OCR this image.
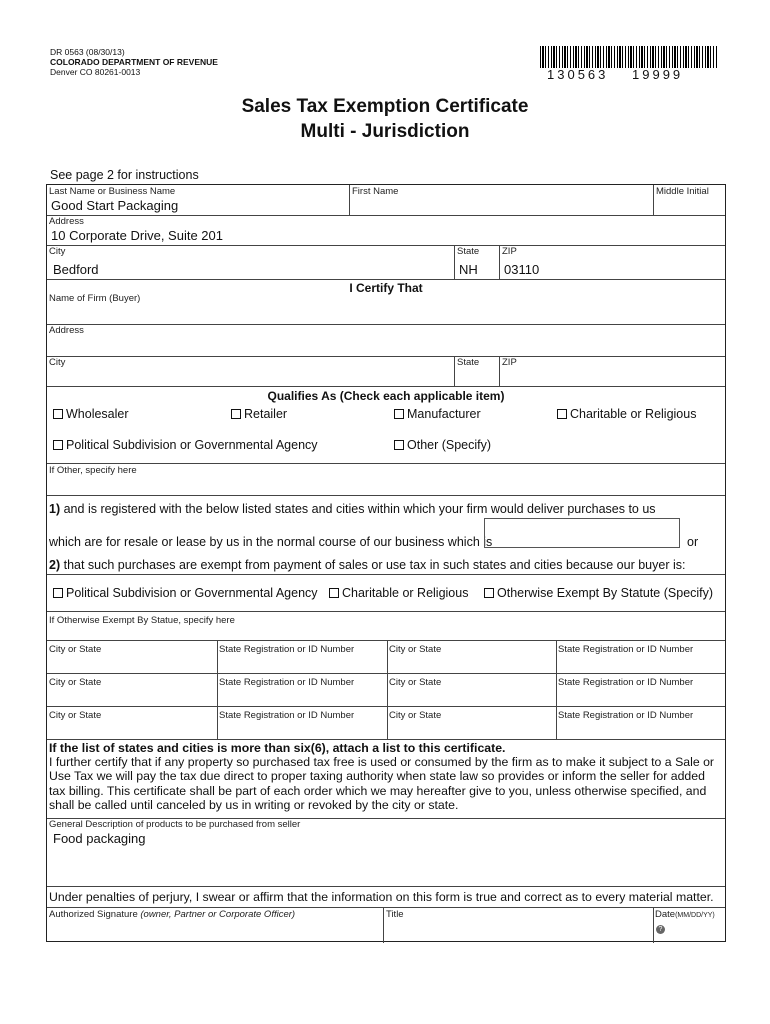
DR 0563 (08/30/13)
COLORADO DEPARTMENT OF REVENUE
Denver CO 80261-0013	130563 19999
Sales Tax Exemption Certificate
Multi - Jurisdiction
See page 2 for instructions
Last Name or Business Name
Good Start Packaging
First Name	Middle Initial
Address
10 Corporate Drive, Suite 201
City
Bedford
State
NH
ZIP
03110
I Certify That
Name of Firm (Buyer)
Address
City	State ZIP
Qualifies As (Check each applicable item)
Wholesaler	Retailer	Manufacturer	Charitable or Religious
Political Subdivision or Governmental Agency	Other (Specify)
If Other, specify here
1) and is registered with the below listed states and cities within which your firm would deliver purchases to us
which are for resale or lease by us in the normal course of our business which is	or
2) that such purchases are exempt from payment of sales or use tax in such states and cities because our buyer is:
Political Subdivision or Governmental Agency	Charitable or Religious	Otherwise Exempt By Statute (Specify)
If Otherwise Exempt By Statue, specify here
City or State	State Registration or ID Number	City or State	State Registration or ID Number
City or State	State Registration or ID Number	City or State	State Registration or ID Number
City or State	State Registration or ID Number	City or State	State Registration or ID Number
If the list of states and cities is more than six(6), attach a list to this certificate.
I further certify that if any property so purchased tax free is used or consumed by the firm as to make it subject to a Sale or
Use Tax we will pay the tax due direct to proper taxing authority when state law so provides or inform the seller for added
tax billing. This certificate shall be part of each order which we may hereafter give to you, unless otherwise specified, and
shall be called until canceled by us in writing or revoked by the city or state.
General Description of products to be purchased from seller
Food packaging
Under penalties of perjury, I swear or affirm that the information on this form is true and correct as to every material matter.
Authorized Signature (owner, Partner or Corporate Officer)	Title	Date(MM/DD/YY)
?
